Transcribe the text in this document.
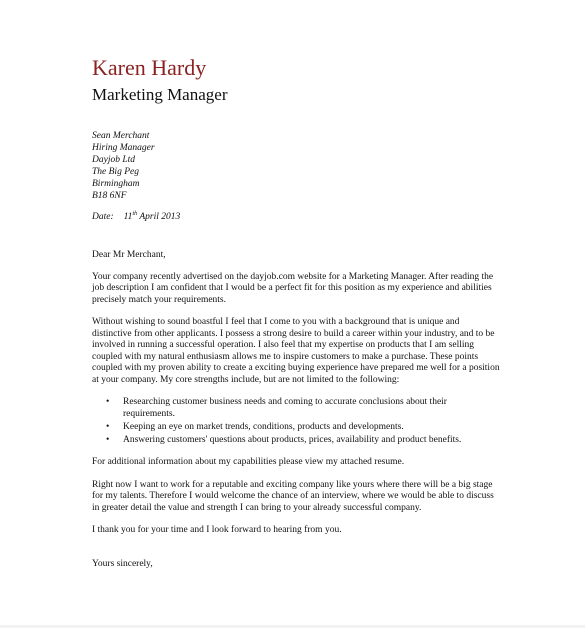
Karen Hardy
Marketing Manager
Sean Merchant
Hiring Manager
Dayjob Ltd
The Big Peg
Birmingham
B18 6NF
Date: 11th April 2013

Dear Mr Merchant,

Your company recently advertised on the dayjob.com website for a Marketing Manager. After reading the job description I am confident that I would be a perfect fit for this position as my experience and abilities precisely match your requirements.

Without wishing to sound boastful I feel that I come to you with a background that is unique and distinctive from other applicants. I possess a strong desire to build a career within your industry, and to be involved in running a successful operation. I also feel that my expertise on products that I am selling coupled with my natural enthusiasm allows me to inspire customers to make a purchase. These points coupled with my proven ability to create a exciting buying experience have prepared me well for a position at your company. My core strengths include, but are not limited to the following:

• Researching customer business needs and coming to accurate conclusions about their requirements.
• Keeping an eye on market trends, conditions, products and developments.
• Answering customers' questions about products, prices, availability and product benefits.

For additional information about my capabilities please view my attached resume.

Right now I want to work for a reputable and exciting company like yours where there will be a big stage for my talents. Therefore I would welcome the chance of an interview, where we would be able to discuss in greater detail the value and strength I can bring to your already successful company.

I thank you for your time and I look forward to hearing from you.

Yours sincerely,
